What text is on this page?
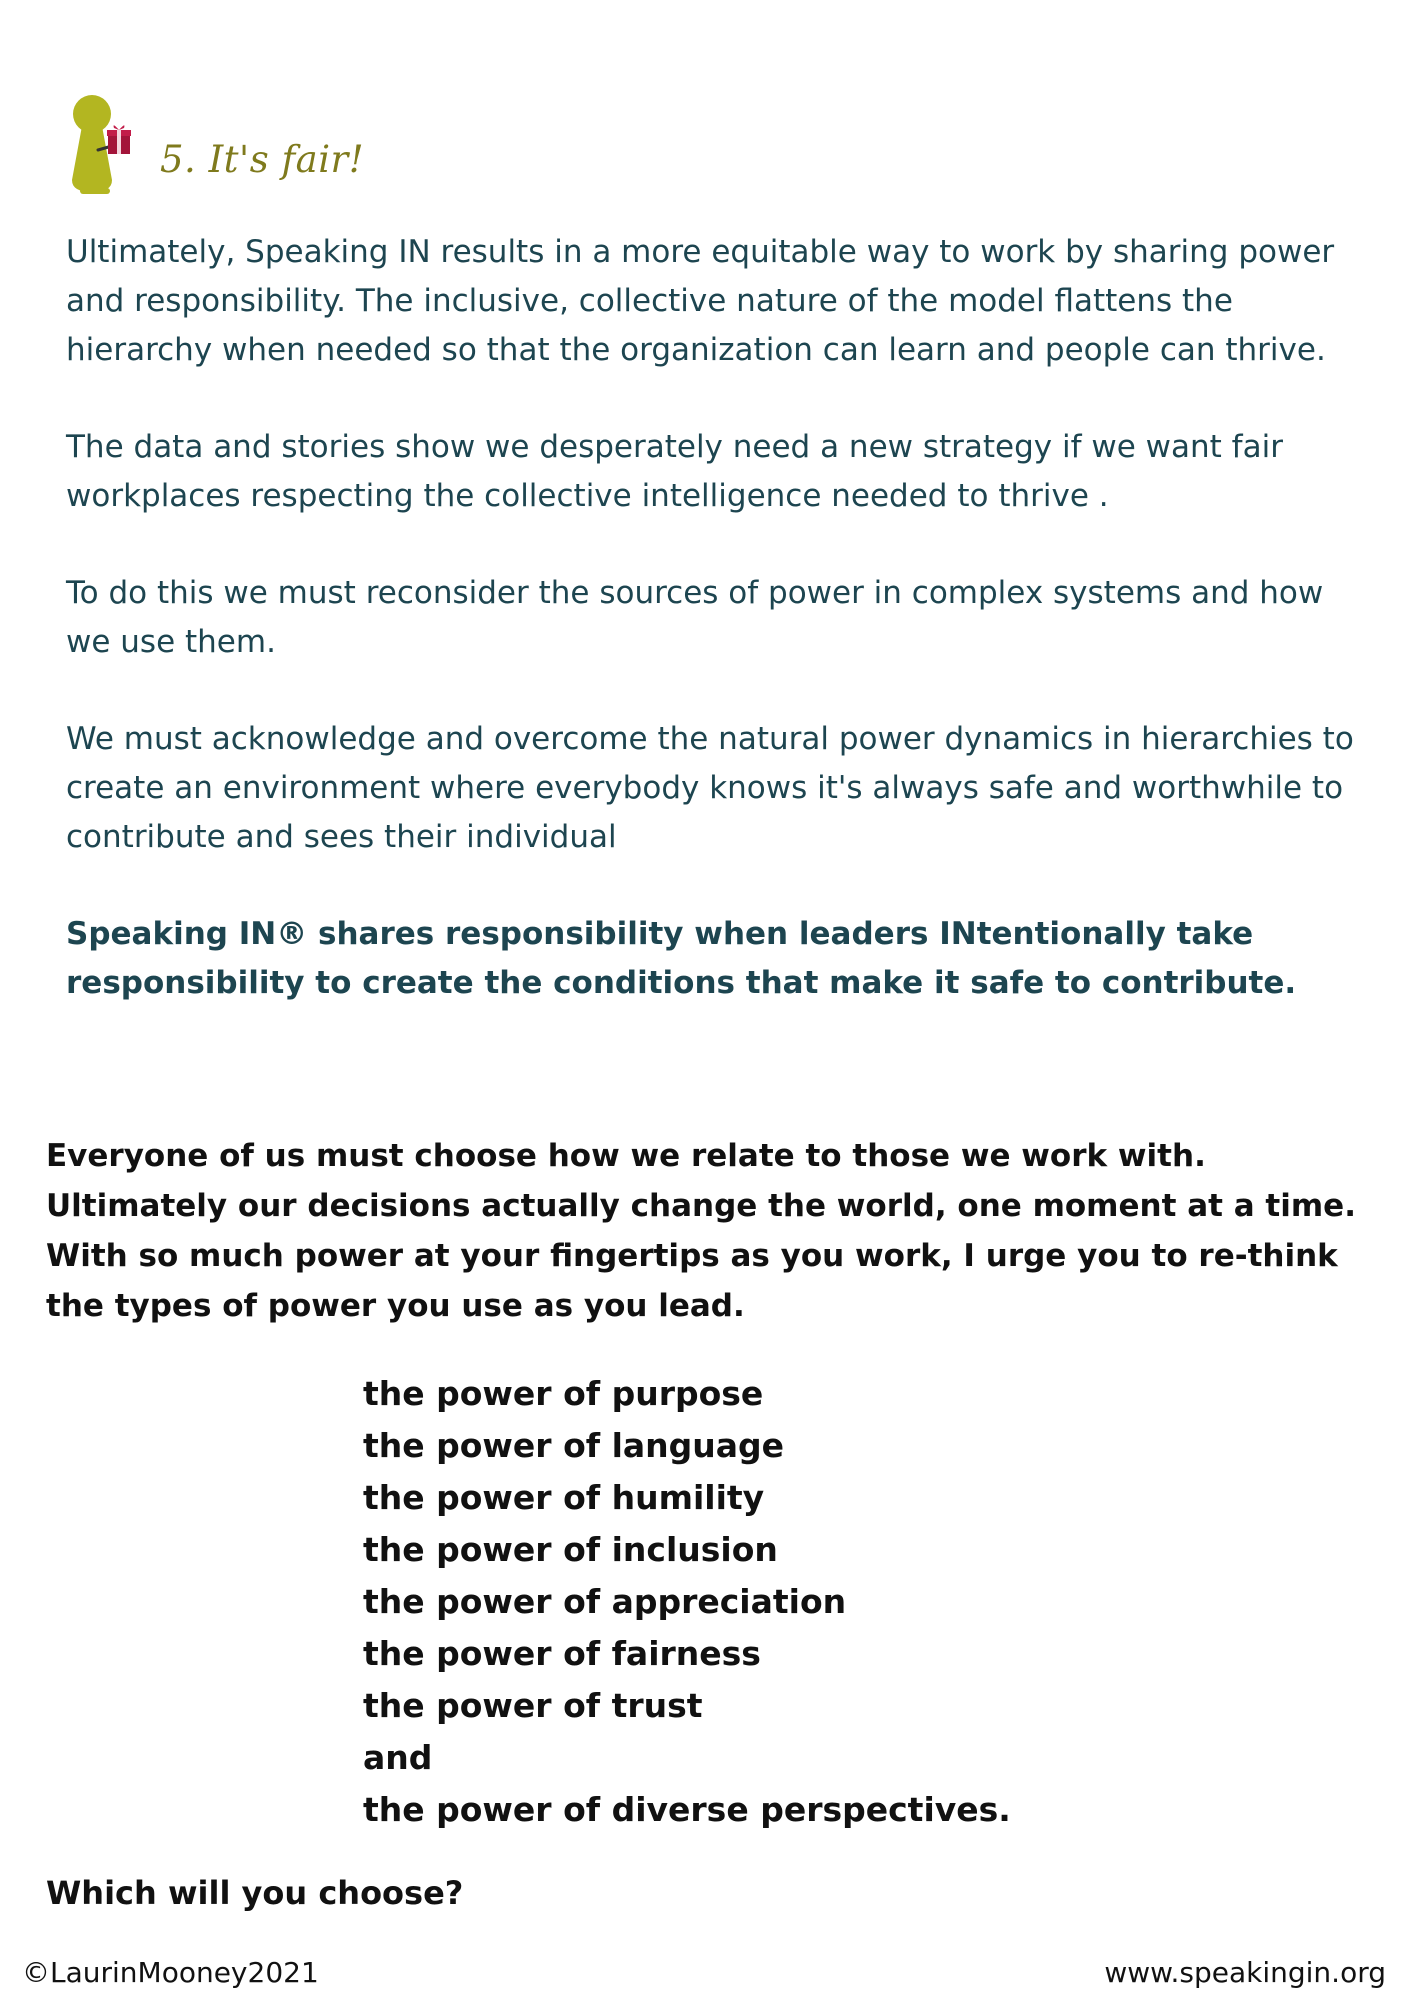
5. It's fair!

Ultimately, Speaking IN results in a more equitable way to work by sharing power and responsibility. The inclusive, collective nature of the model flattens the hierarchy when needed so that the organization can learn and people can thrive.

The data and stories show we desperately need a new strategy if we want fair workplaces respecting the collective intelligence needed to thrive .

To do this we must reconsider the sources of power in complex systems and how we use them.

We must acknowledge and overcome the natural power dynamics in hierarchies to create an environment where everybody knows it's always safe and worthwhile to contribute and sees their individual

Speaking IN® shares responsibility when leaders INtentionally take responsibility to create the conditions that make it safe to contribute.

Everyone of us must choose how we relate to those we work with. Ultimately our decisions actually change the world, one moment at a time. With so much power at your fingertips as you work, I urge you to re-think the types of power you use as you lead.

the power of purpose
the power of language
the power of humility
the power of inclusion
the power of appreciation
the power of fairness
the power of trust
and
the power of diverse perspectives.

Which will you choose?

©LaurinMooney2021	www.speakingin.org
